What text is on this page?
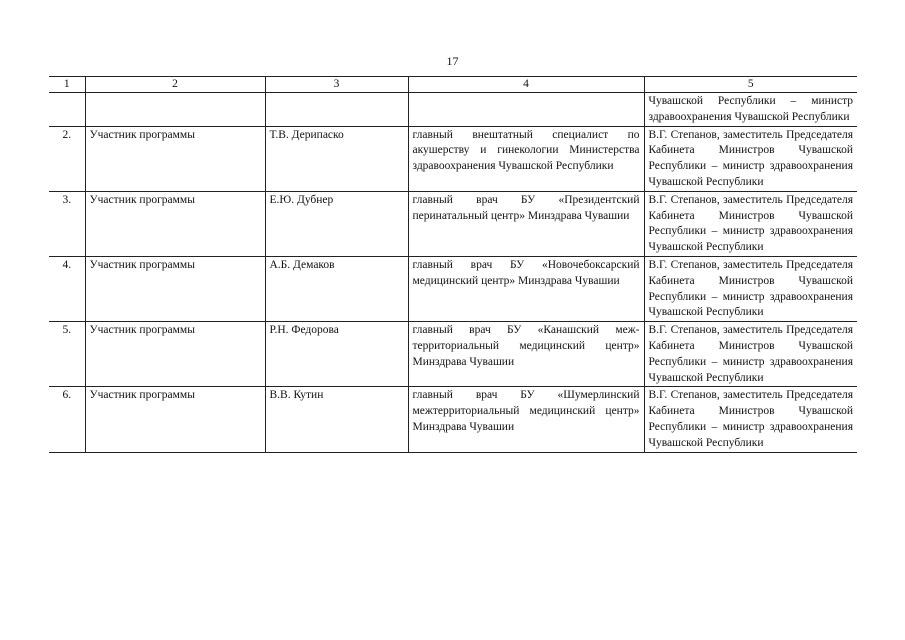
17
1	2	3	4	5
				Чувашской Республики – министр здравоохранения Чувашской Республики
2.	Участник программы	Т.В. Дерипаско	главный внештатный специалист по акушерству и гинекологии Министерства здравоохранения Чувашской Республики	В.Г. Степанов, заместитель Председателя Кабинета Министров Чувашской Республики – министр здравоохранения Чувашской Республики
3.	Участник программы	Е.Ю. Дубнер	главный врач БУ «Президентский перинатальный центр» Минздрава Чувашии	В.Г. Степанов, заместитель Председателя Кабинета Министров Чувашской Республики – министр здравоохранения Чувашской Республики
4.	Участник программы	А.Б. Демаков	главный врач БУ «Новочебоксарский медицинский центр» Минздрава Чувашии	В.Г. Степанов, заместитель Председателя Кабинета Министров Чувашской Республики – министр здравоохранения Чувашской Республики
5.	Участник программы	Р.Н. Федорова	главный врач БУ «Канашский межтерриториальный медицинский центр» Минздрава Чувашии	В.Г. Степанов, заместитель Председателя Кабинета Министров Чувашской Республики – министр здравоохранения Чувашской Республики
6.	Участник программы	В.В. Кутин	главный врач БУ «Шумерлинский межтерриториальный медицинский центр» Минздрава Чувашии	В.Г. Степанов, заместитель Председателя Кабинета Министров Чувашской Республики – министр здравоохранения Чувашской Республики
